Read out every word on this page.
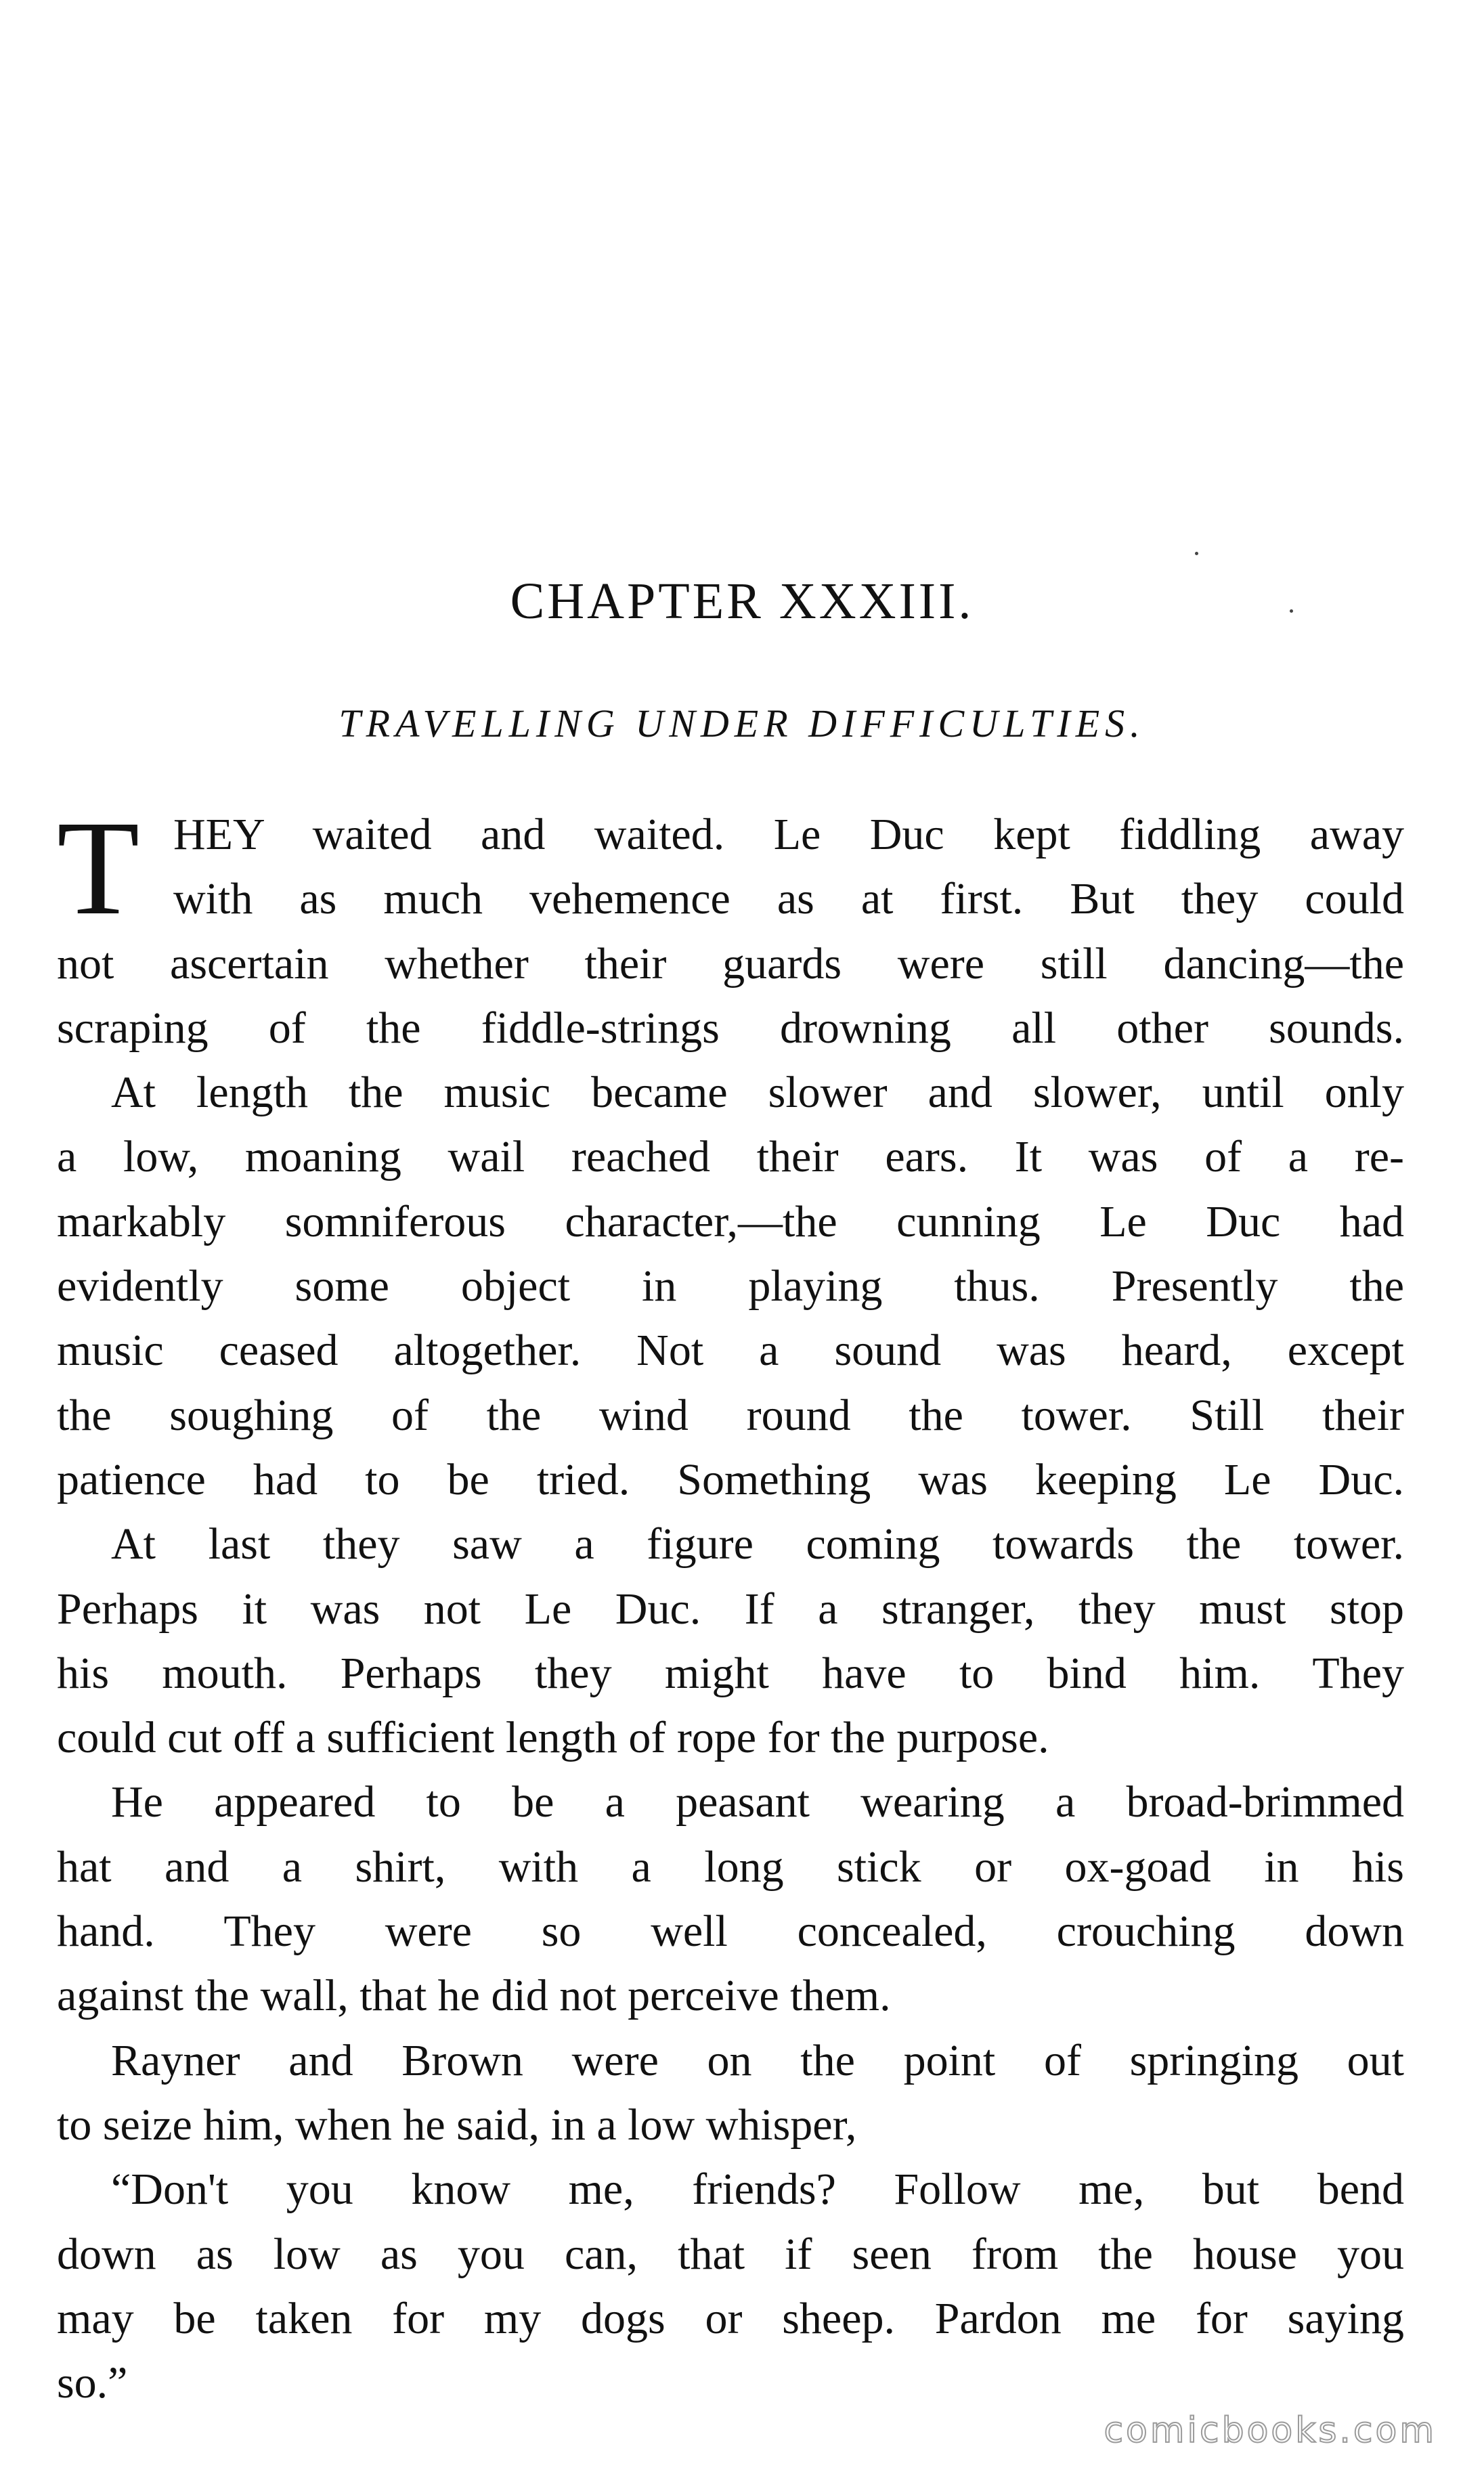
CHAPTER XXXIII.
TRAVELLING UNDER DIFFICULTIES.
T HEY waited and waited. Le Duc kept fiddling away
with as much vehemence as at first. But they could
not ascertain whether their guards were still dancing—the
scraping of the fiddle-strings drowning all other sounds.
At length the music became slower and slower, until only
a low, moaning wail reached their ears. It was of a re-
markably somniferous character,—the cunning Le Duc had
evidently some object in playing thus. Presently the
music ceased altogether. Not a sound was heard, except
the soughing of the wind round the tower. Still their
patience had to be tried. Something was keeping Le Duc.
At last they saw a figure coming towards the tower.
Perhaps it was not Le Duc. If a stranger, they must stop
his mouth. Perhaps they might have to bind him. They
could cut off a sufficient length of rope for the purpose.
He appeared to be a peasant wearing a broad-brimmed
hat and a shirt, with a long stick or ox-goad in his
hand. They were so well concealed, crouching down
against the wall, that he did not perceive them.
Rayner and Brown were on the point of springing out
to seize him, when he said, in a low whisper,
“Don't you know me, friends? Follow me, but bend
down as low as you can, that if seen from the house you
may be taken for my dogs or sheep. Pardon me for saying
so.”
comicbooks.com
